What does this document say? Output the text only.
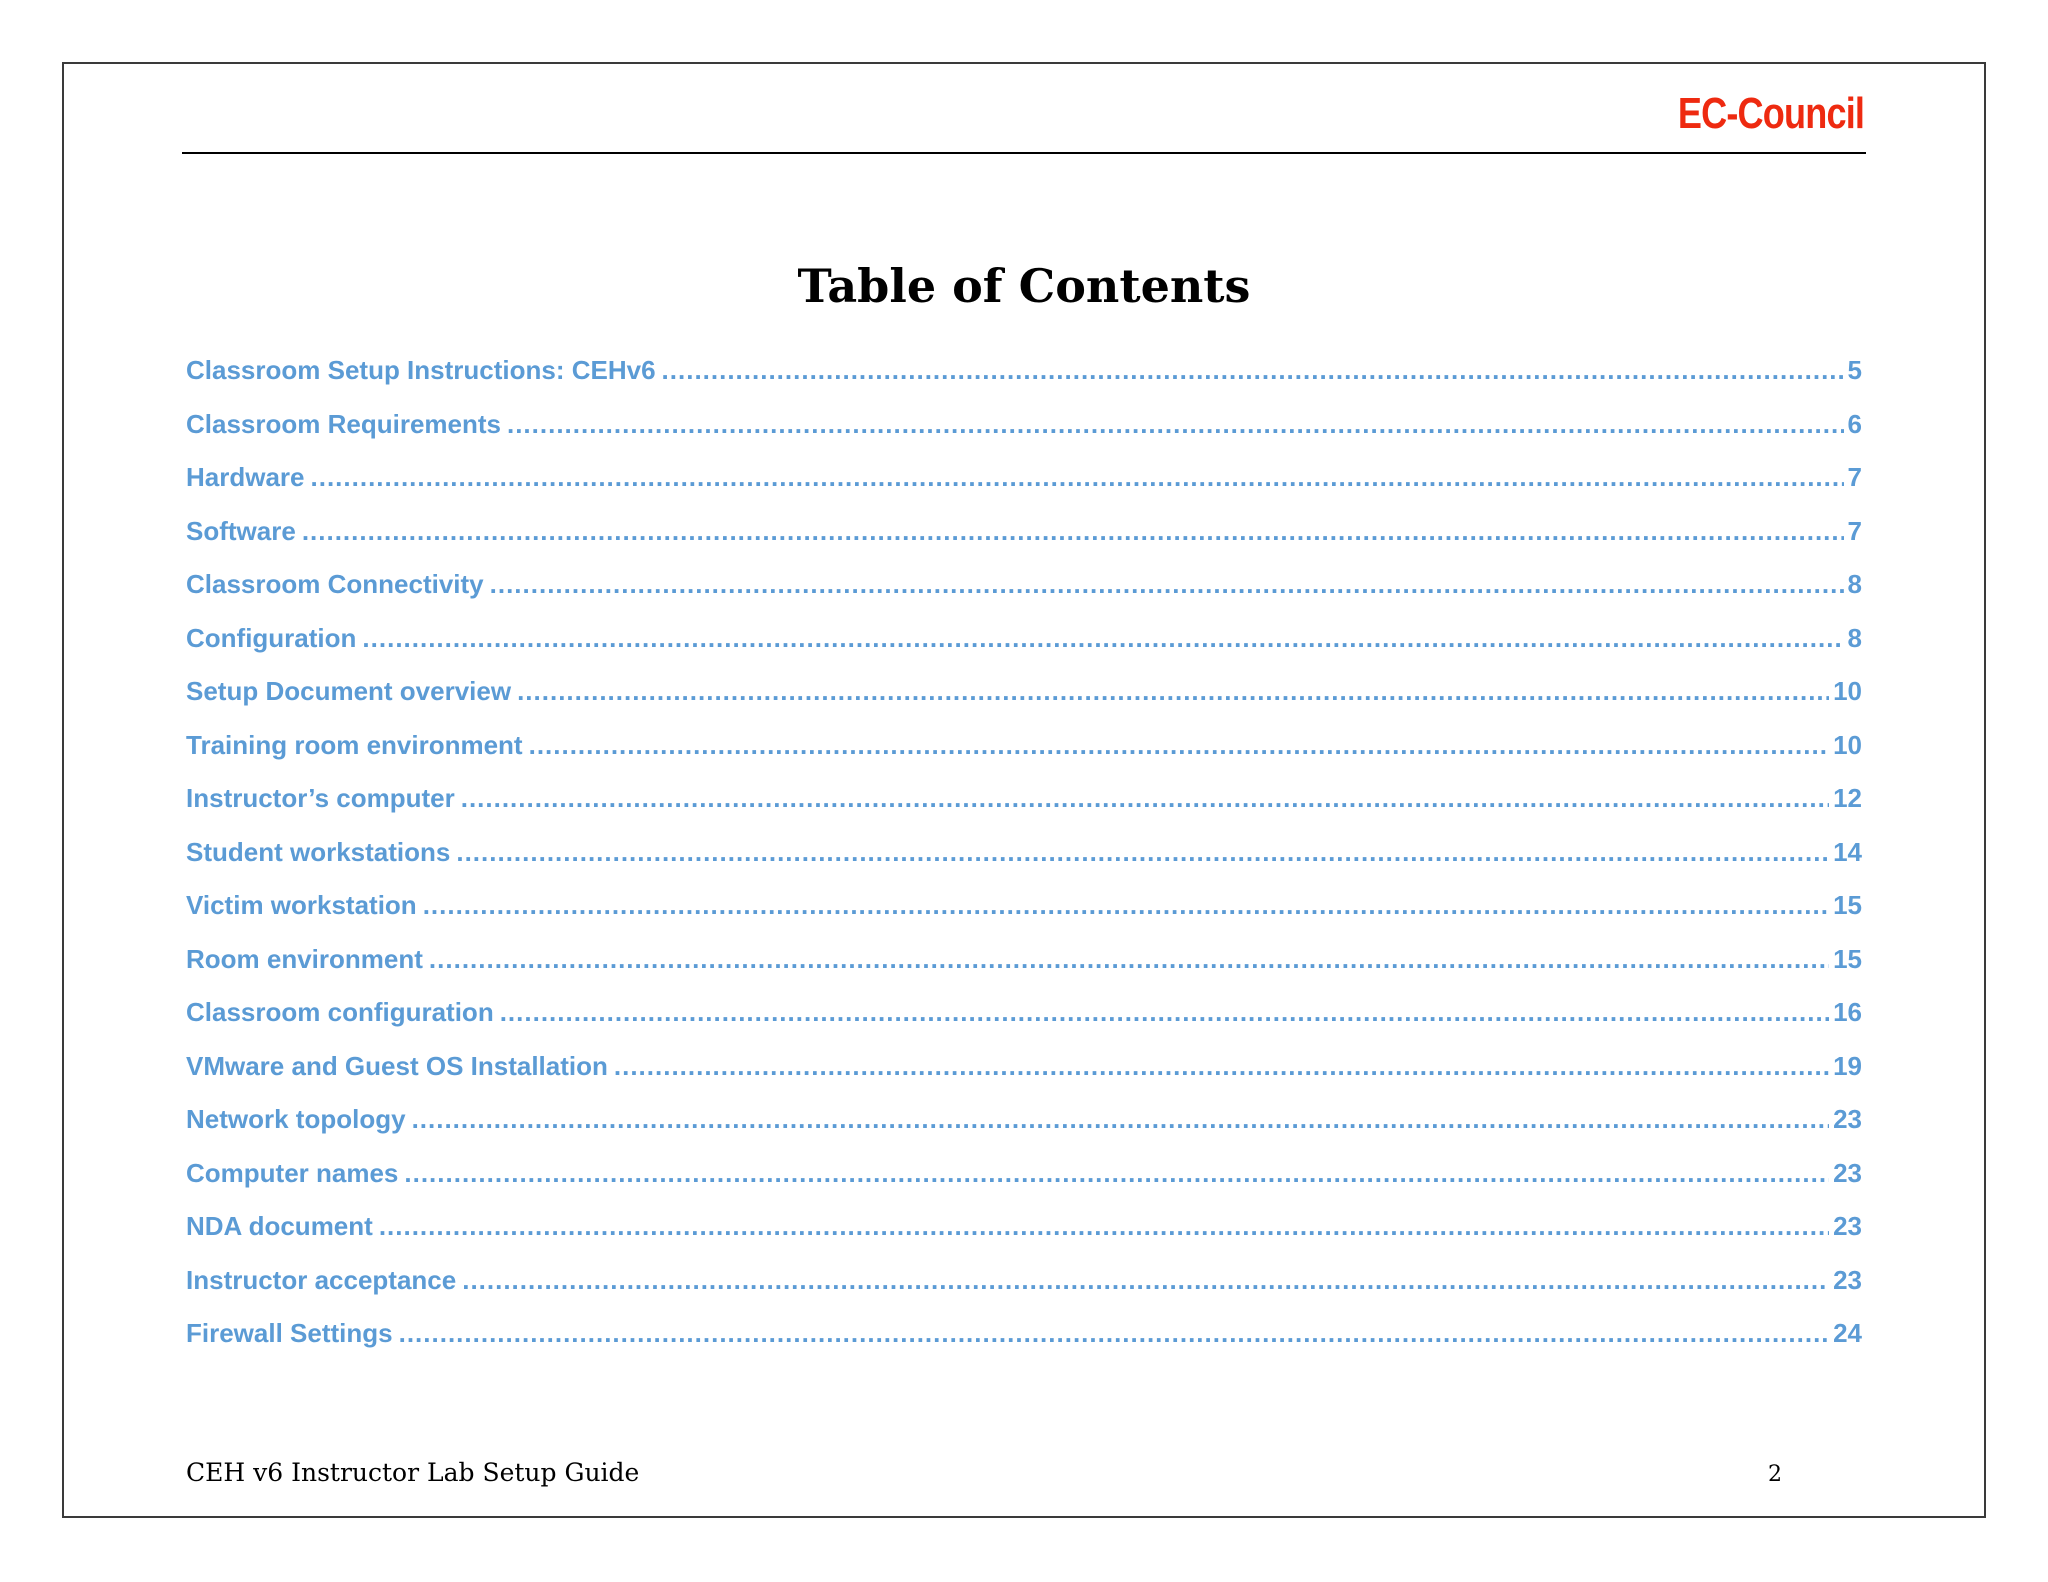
EC-Council
Table of Contents
Classroom Setup Instructions: CEHv6 .....	5
Classroom Requirements .....	6
Hardware .....	7
Software .....	7
Classroom Connectivity .....	8
Configuration .....	8
Setup Document overview .....	10
Training room environment .....	10
Instructor’s computer .....	12
Student workstations .....	14
Victim workstation .....	15
Room environment .....	15
Classroom configuration .....	16
VMware and Guest OS Installation .....	19
Network topology .....	23
Computer names .....	23
NDA document .....	23
Instructor acceptance .....	23
Firewall Settings .....	24
CEH v6 Instructor Lab Setup Guide	2
